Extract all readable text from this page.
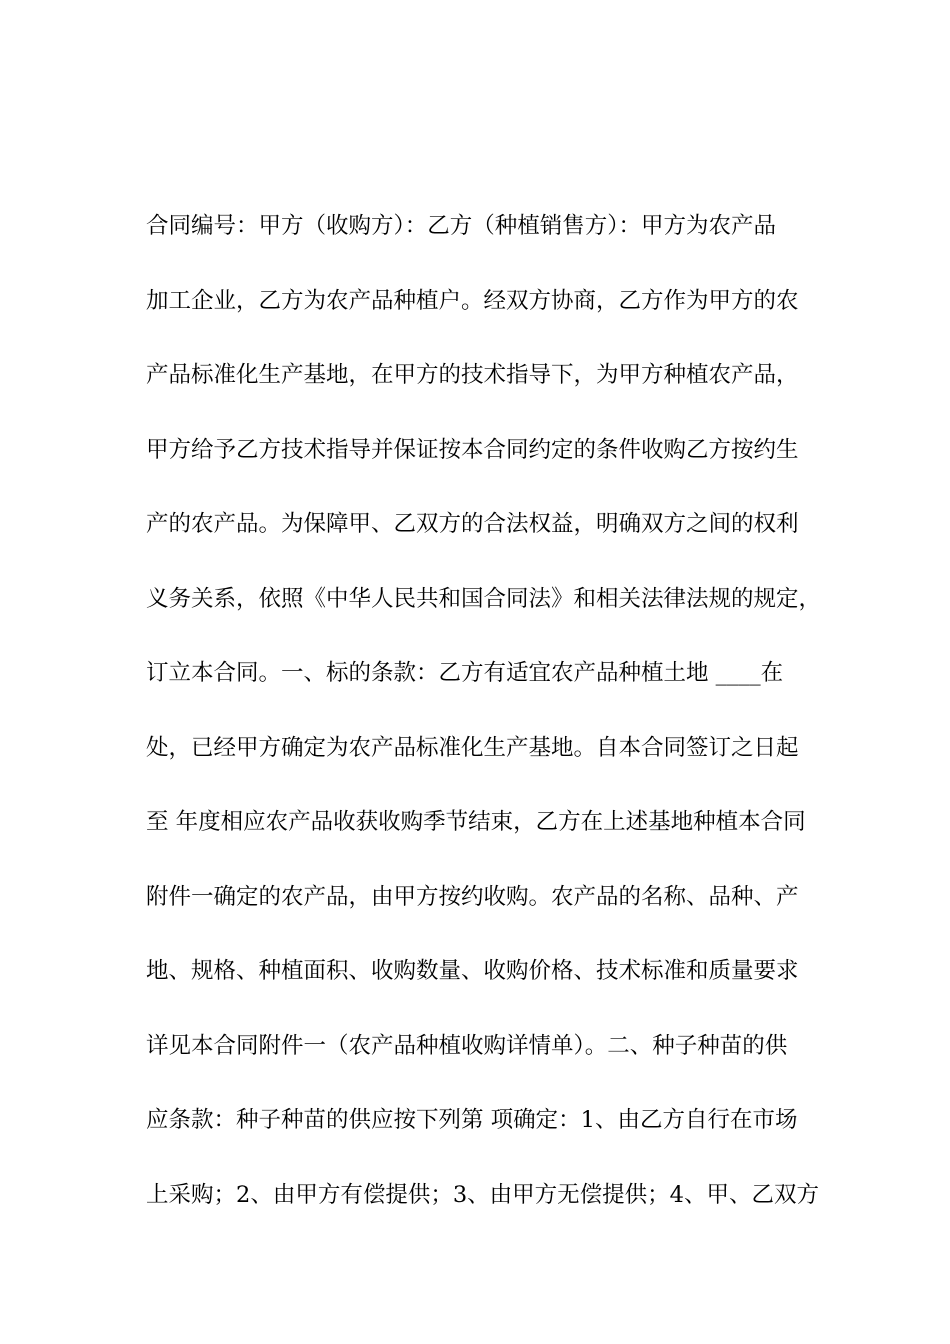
合同编号：甲方（收购方）：乙方（种植销售方）：甲方为农产品
加工企业，乙方为农产品种植户。经双方协商，乙方作为甲方的农
产品标准化生产基地，在甲方的技术指导下，为甲方种植农产品，
甲方给予乙方技术指导并保证按本合同约定的条件收购乙方按约生
产的农产品。为保障甲、乙双方的合法权益，明确双方之间的权利
义务关系，依照《中华人民共和国合同法》和相关法律法规的规定，
订立本合同。一、标的条款：乙方有适宜农产品种植土地 ____在
处，已经甲方确定为农产品标准化生产基地。自本合同签订之日起
至 年度相应农产品收获收购季节结束，乙方在上述基地种植本合同
附件一确定的农产品，由甲方按约收购。农产品的名称、品种、产
地、规格、种植面积、收购数量、收购价格、技术标准和质量要求
详见本合同附件一（农产品种植收购详情单）。二、种子种苗的供
应条款：种子种苗的供应按下列第 项确定：1、由乙方自行在市场
上采购；2、由甲方有偿提供；3、由甲方无偿提供；4、甲、乙双方
